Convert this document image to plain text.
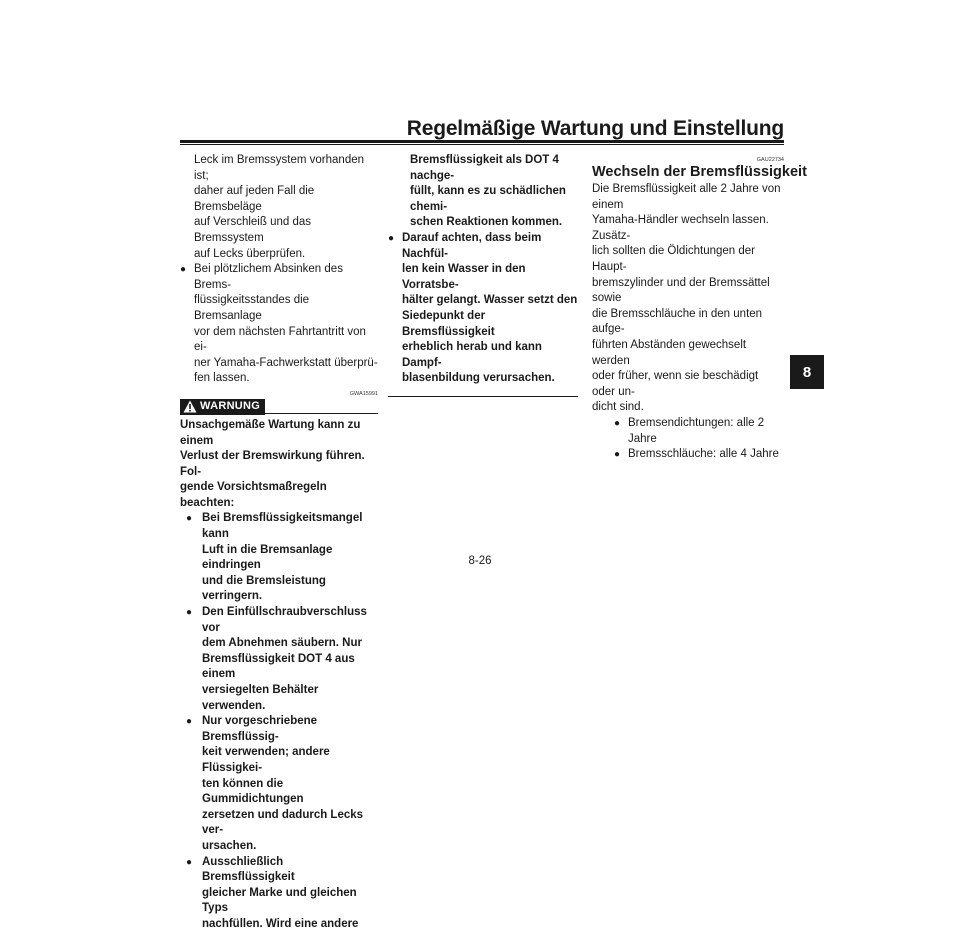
Regelmäßige Wartung und Einstellung
8
Leck im Bremssystem vorhanden ist;
daher auf jeden Fall die Bremsbeläge
auf Verschleiß und das Bremssystem
auf Lecks überprüfen.
● Bei plötzlichem Absinken des Brems-
flüssigkeitsstandes die Bremsanlage
vor dem nächsten Fahrtantritt von ei-
ner Yamaha-Fachwerkstatt überprü-
fen lassen.
GWA15991
WARNUNG
Unsachgemäße Wartung kann zu einem
Verlust der Bremswirkung führen. Fol-
gende Vorsichtsmaßregeln beachten:
● Bei Bremsflüssigkeitsmangel kann
Luft in die Bremsanlage eindringen
und die Bremsleistung verringern.
● Den Einfüllschraubverschluss vor
dem Abnehmen säubern. Nur
Bremsflüssigkeit DOT 4 aus einem
versiegelten Behälter verwenden.
● Nur vorgeschriebene Bremsflüssig-
keit verwenden; andere Flüssigkei-
ten können die Gummidichtungen
zersetzen und dadurch Lecks ver-
ursachen.
● Ausschließlich Bremsflüssigkeit
gleicher Marke und gleichen Typs
nachfüllen. Wird eine andere
Bremsflüssigkeit als DOT 4 nachge-
füllt, kann es zu schädlichen chemi-
schen Reaktionen kommen.
● Darauf achten, dass beim Nachfül-
len kein Wasser in den Vorratsbe-
hälter gelangt. Wasser setzt den
Siedepunkt der Bremsflüssigkeit
erheblich herab und kann Dampf-
blasenbildung verursachen.
GAU22734
Wechseln der Bremsflüssigkeit
Die Bremsflüssigkeit alle 2 Jahre von einem
Yamaha-Händler wechseln lassen. Zusätz-
lich sollten die Öldichtungen der Haupt-
bremszylinder und der Bremssättel sowie
die Bremsschläuche in den unten aufge-
führten Abständen gewechselt werden
oder früher, wenn sie beschädigt oder un-
dicht sind.
● Bremsendichtungen: alle 2 Jahre
● Bremsschläuche: alle 4 Jahre
8-26
